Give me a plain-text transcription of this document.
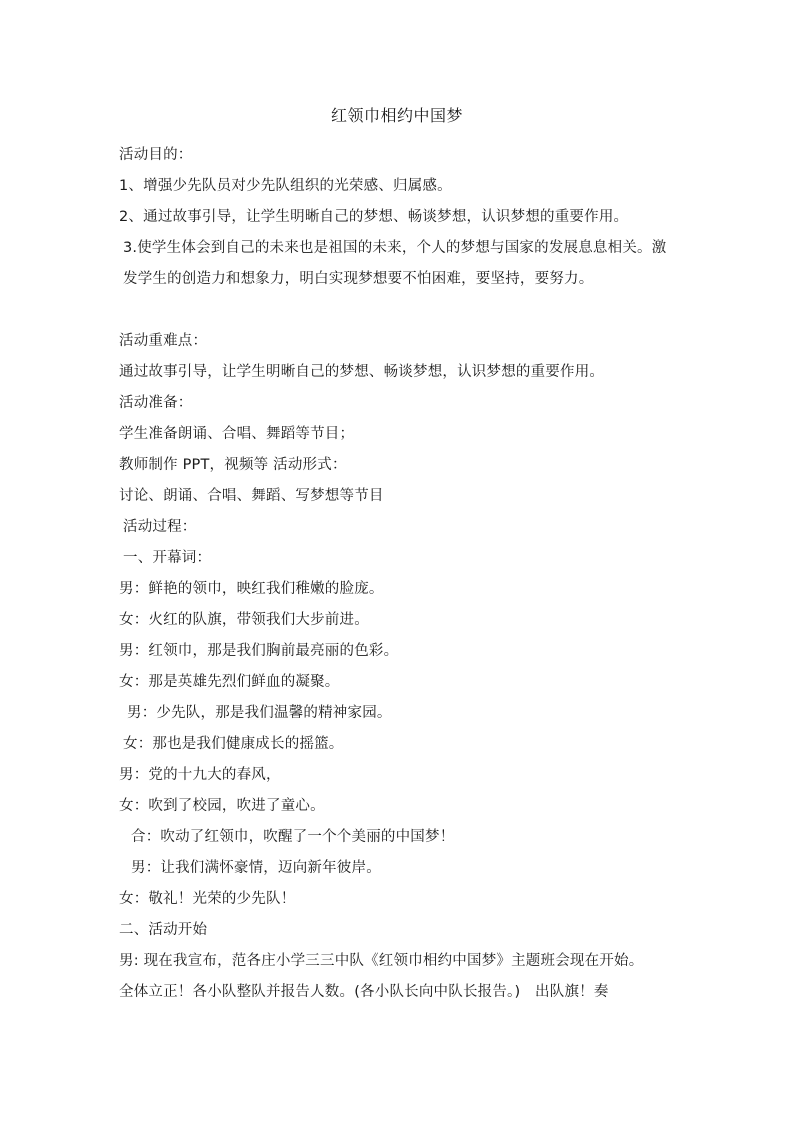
红领巾相约中国梦
活动目的：
1、增强少先队员对少先队组织的光荣感、归属感。
2、通过故事引导，让学生明晰自己的梦想、畅谈梦想，认识梦想的重要作用。
3.使学生体会到自己的未来也是祖国的未来，个人的梦想与国家的发展息息相关。激发学生的创造力和想象力，明白实现梦想要不怕困难，要坚持，要努力。
活动重难点：
通过故事引导，让学生明晰自己的梦想、畅谈梦想，认识梦想的重要作用。
活动准备：
学生准备朗诵、合唱、舞蹈等节目；
教师制作 PPT，视频等 活动形式：
讨论、朗诵、合唱、舞蹈、写梦想等节目
活动过程：
一、开幕词：
男：鲜艳的领巾，映红我们稚嫩的脸庞。
女：火红的队旗，带领我们大步前进。
男：红领巾，那是我们胸前最亮丽的色彩。
女：那是英雄先烈们鲜血的凝聚。
男：少先队，那是我们温馨的精神家园。
女：那也是我们健康成长的摇篮。
男：党的十九大的春风，
女：吹到了校园，吹进了童心。
合：吹动了红领巾，吹醒了一个个美丽的中国梦！
男：让我们满怀豪情，迈向新年彼岸。
女：敬礼！光荣的少先队！
二、活动开始
男: 现在我宣布，范各庄小学三三中队《红领巾相约中国梦》主题班会现在开始。
全体立正！各小队整队并报告人数。(各小队长向中队长报告。)　出队旗！奏
